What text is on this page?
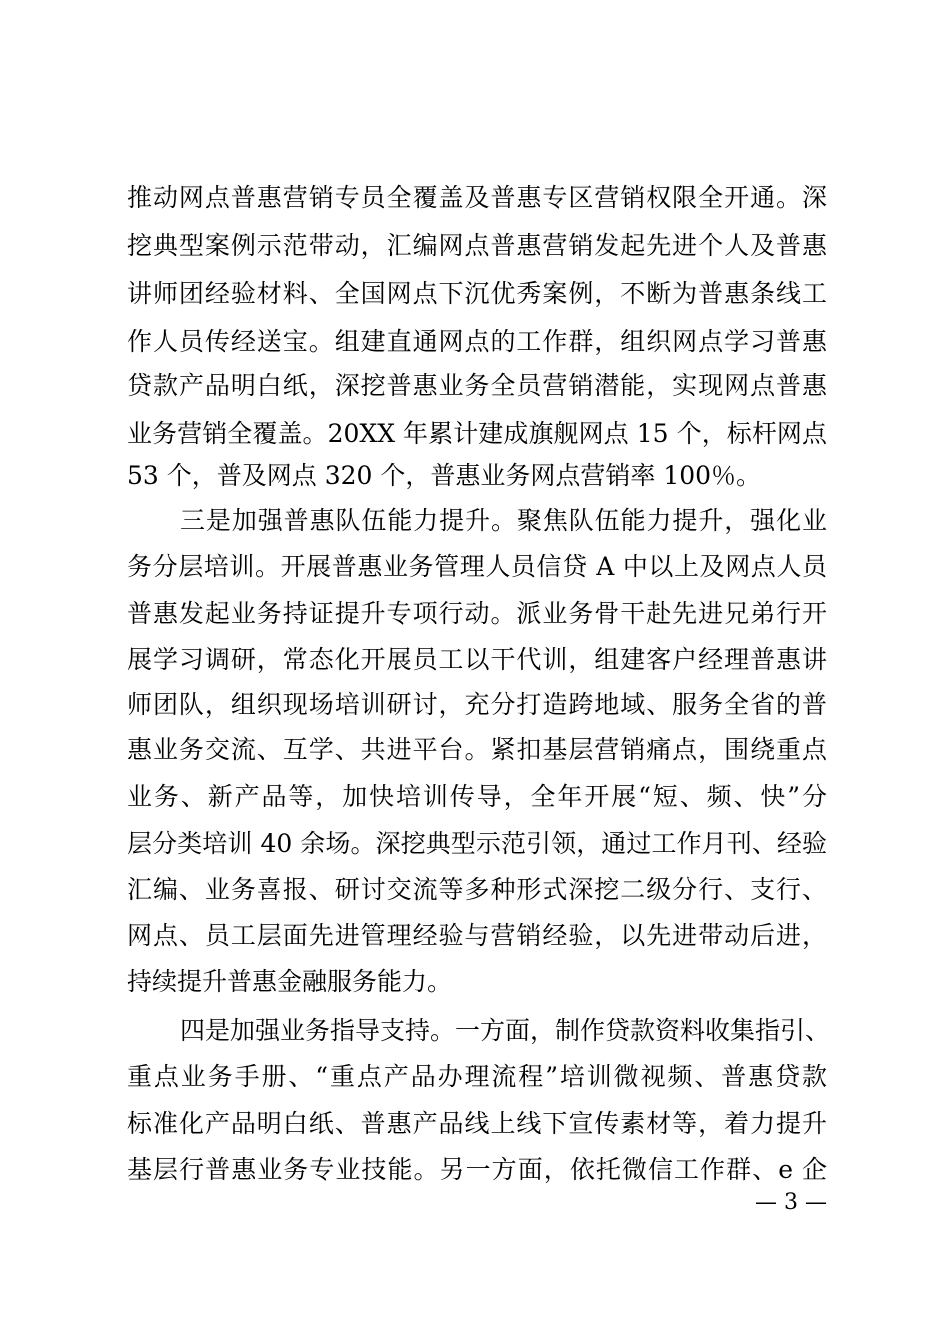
推动网点普惠营销专员全覆盖及普惠专区营销权限全开通。深
挖典型案例示范带动，汇编网点普惠营销发起先进个人及普惠
讲师团经验材料、全国网点下沉优秀案例，不断为普惠条线工
作人员传经送宝。组建直通网点的工作群，组织网点学习普惠
贷款产品明白纸，深挖普惠业务全员营销潜能，实现网点普惠
业务营销全覆盖。20XX 年累计建成旗舰网点 15 个，标杆网点
53 个，普及网点 320 个，普惠业务网点营销率 100％。
三是加强普惠队伍能力提升。聚焦队伍能力提升，强化业
务分层培训。开展普惠业务管理人员信贷 A 中以上及网点人员
普惠发起业务持证提升专项行动。派业务骨干赴先进兄弟行开
展学习调研，常态化开展员工以干代训，组建客户经理普惠讲
师团队，组织现场培训研讨，充分打造跨地域、服务全省的普
惠业务交流、互学、共进平台。紧扣基层营销痛点，围绕重点
业务、新产品等，加快培训传导，全年开展“短、频、快”分
层分类培训 40 余场。深挖典型示范引领，通过工作月刊、经验
汇编、业务喜报、研讨交流等多种形式深挖二级分行、支行、
网点、员工层面先进管理经验与营销经验，以先进带动后进，
持续提升普惠金融服务能力。
四是加强业务指导支持。一方面，制作贷款资料收集指引、
重点业务手册、“重点产品办理流程”培训微视频、普惠贷款
标准化产品明白纸、普惠产品线上线下宣传素材等，着力提升
基层行普惠业务专业技能。另一方面，依托微信工作群、e 企
— 3 —
